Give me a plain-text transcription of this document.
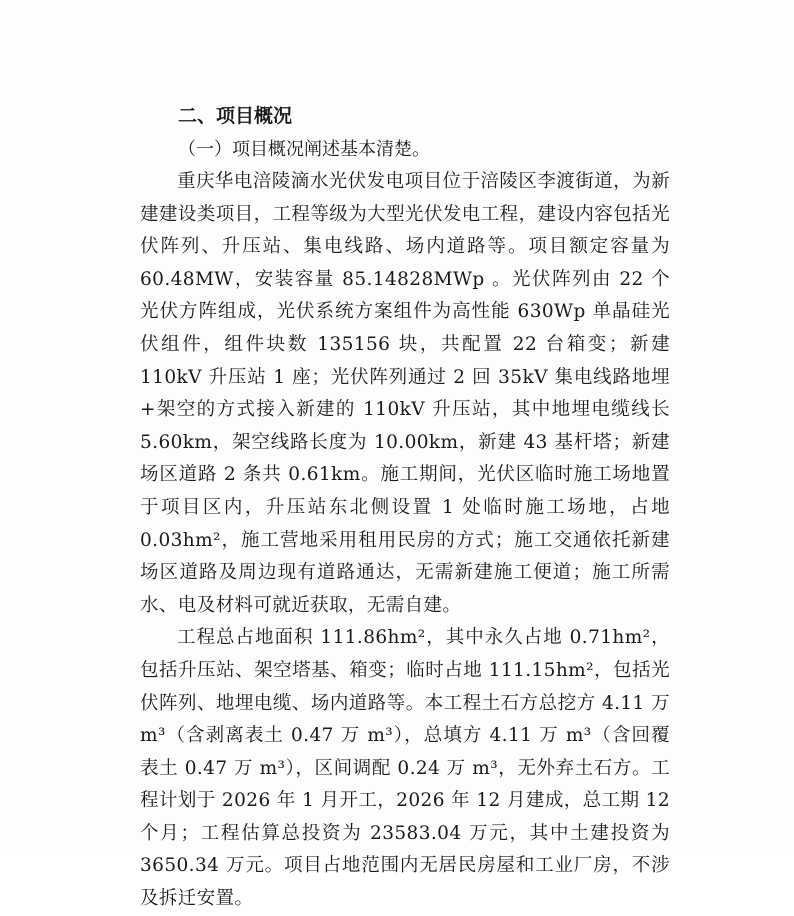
二、项目概况
（一）项目概况阐述基本清楚。

重庆华电涪陵滴水光伏发电项目位于涪陵区李渡街道，为新建建设类项目，工程等级为大型光伏发电工程，建设内容包括光伏阵列、升压站、集电线路、场内道路等。项目额定容量为60.48MW，安装容量 85.14828MWp 。光伏阵列由 22 个光伏方阵组成，光伏系统方案组件为高性能 630Wp 单晶硅光伏组件，组件块数 135156 块，共配置 22 台箱变；新建 110kV 升压站 1 座；光伏阵列通过 2 回 35kV 集电线路地埋+架空的方式接入新建的 110kV 升压站，其中地埋电缆线长 5.60km，架空线路长度为 10.00km，新建 43 基杆塔；新建场区道路 2 条共 0.61km。施工期间，光伏区临时施工场地置于项目区内，升压站东北侧设置 1 处临时施工场地，占地 0.03hm²，施工营地采用租用民房的方式；施工交通依托新建场区道路及周边现有道路通达，无需新建施工便道；施工所需水、电及材料可就近获取，无需自建。

工程总占地面积 111.86hm²，其中永久占地 0.71hm²，包括升压站、架空塔基、箱变；临时占地 111.15hm²，包括光伏阵列、地埋电缆、场内道路等。本工程土石方总挖方 4.11 万 m³（含剥离表土 0.47 万 m³），总填方 4.11 万 m³（含回覆表土 0.47 万 m³），区间调配 0.24 万 m³，无外弃土石方。工程计划于 2026 年 1 月开工，2026 年 12 月建成，总工期 12 个月；工程估算总投资为 23583.04 万元，其中土建投资为 3650.34 万元。项目占地范围内无居民房屋和工业厂房，不涉及拆迁安置。
